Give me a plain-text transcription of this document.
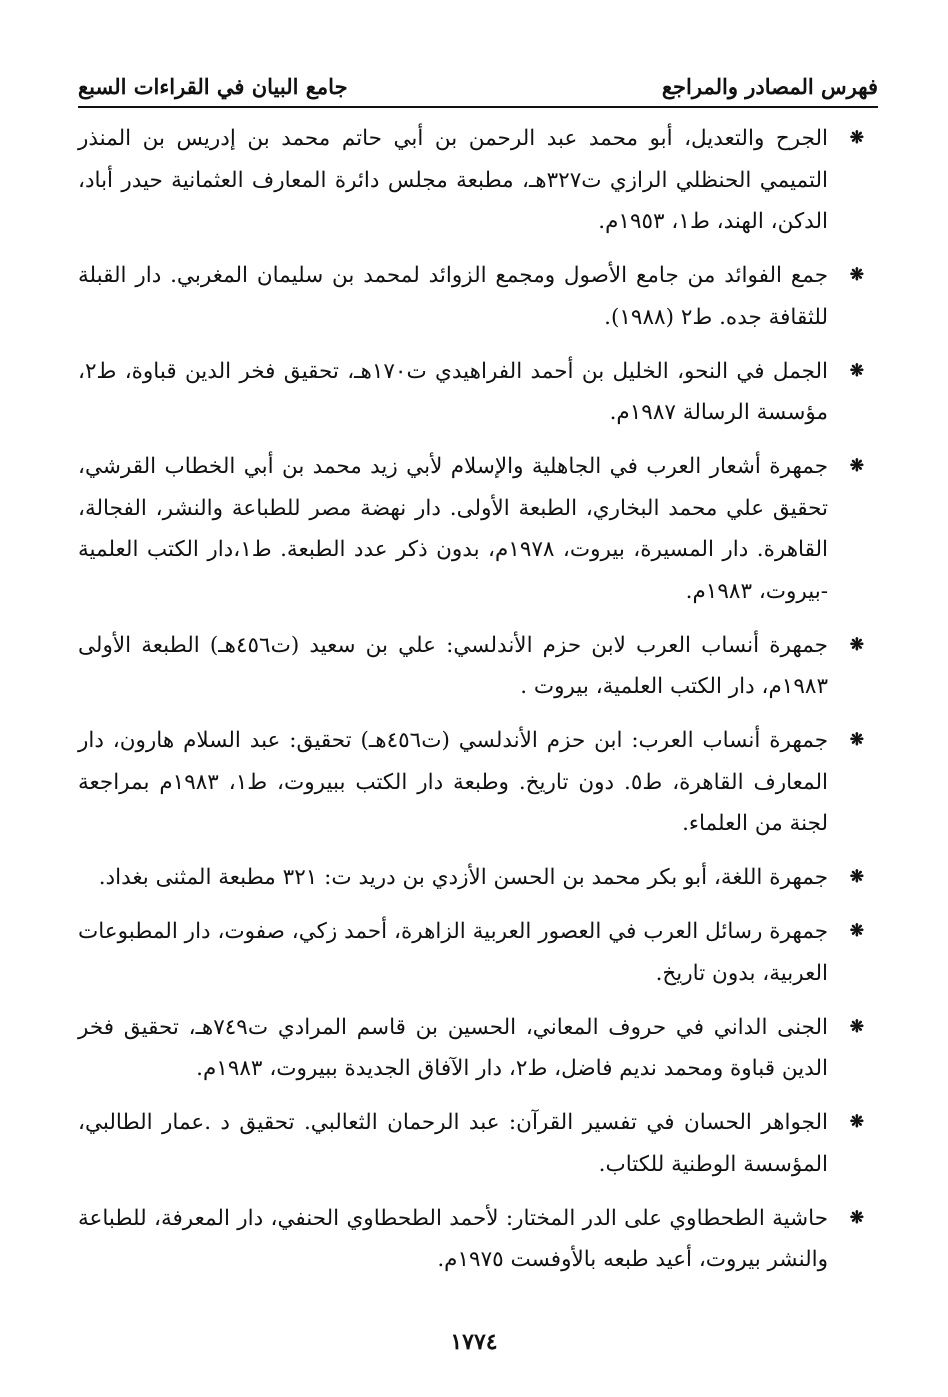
فهرس المصادر والمراجع
جامع البيان في القراءات السبع
❋
الجرح والتعديل، أبو محمد عبد الرحمن بن أبي حاتم محمد بن إدريس بن المنذر التميمي الحنظلي الرازي ت٣٢٧هـ، مطبعة مجلس دائرة المعارف العثمانية حيدر أباد، الدكن، الهند، ط١، ١٩٥٣م.
❋
جمع الفوائد من جامع الأصول ومجمع الزوائد لمحمد بن سليمان المغربي. دار القبلة للثقافة جده. ط٢ (١٩٨٨).
❋
الجمل في النحو، الخليل بن أحمد الفراهيدي ت١٧٠هـ، تحقيق فخر الدين قباوة، ط٢، مؤسسة الرسالة ١٩٨٧م.
❋
جمهرة أشعار العرب في الجاهلية والإسلام لأبي زيد محمد بن أبي الخطاب القرشي، تحقيق علي محمد البخاري، الطبعة الأولى. دار نهضة مصر للطباعة والنشر، الفجالة، القاهرة. دار المسيرة، بيروت، ١٩٧٨م، بدون ذكر عدد الطبعة. ط١،دار الكتب العلمية -بيروت، ١٩٨٣م.
❋
جمهرة أنساب العرب لابن حزم الأندلسي: علي بن سعيد (ت٤٥٦هـ) الطبعة الأولى ١٩٨٣م، دار الكتب العلمية، بيروت .
❋
جمهرة أنساب العرب: ابن حزم الأندلسي (ت٤٥٦هـ) تحقيق: عبد السلام هارون، دار المعارف القاهرة، ط٥. دون تاريخ. وطبعة دار الكتب ببيروت، ط١، ١٩٨٣م بمراجعة لجنة من العلماء.
❋
جمهرة اللغة، أبو بكر محمد بن الحسن الأزدي بن دريد ت: ٣٢١ مطبعة المثنى بغداد.
❋
جمهرة رسائل العرب في العصور العربية الزاهرة، أحمد زكي، صفوت، دار المطبوعات العربية، بدون تاريخ.
❋
الجنى الداني في حروف المعاني، الحسين بن قاسم المرادي ت٧٤٩هـ، تحقيق فخر الدين قباوة ومحمد نديم فاضل، ط٢، دار الآفاق الجديدة ببيروت، ١٩٨٣م.
❋
الجواهر الحسان في تفسير القرآن: عبد الرحمان الثعالبي. تحقيق د .عمار الطالبي، المؤسسة الوطنية للكتاب.
❋
حاشية الطحطاوي على الدر المختار: لأحمد الطحطاوي الحنفي، دار المعرفة، للطباعة والنشر بيروت، أعيد طبعه بالأوفست ١٩٧٥م.
١٧٧٤
